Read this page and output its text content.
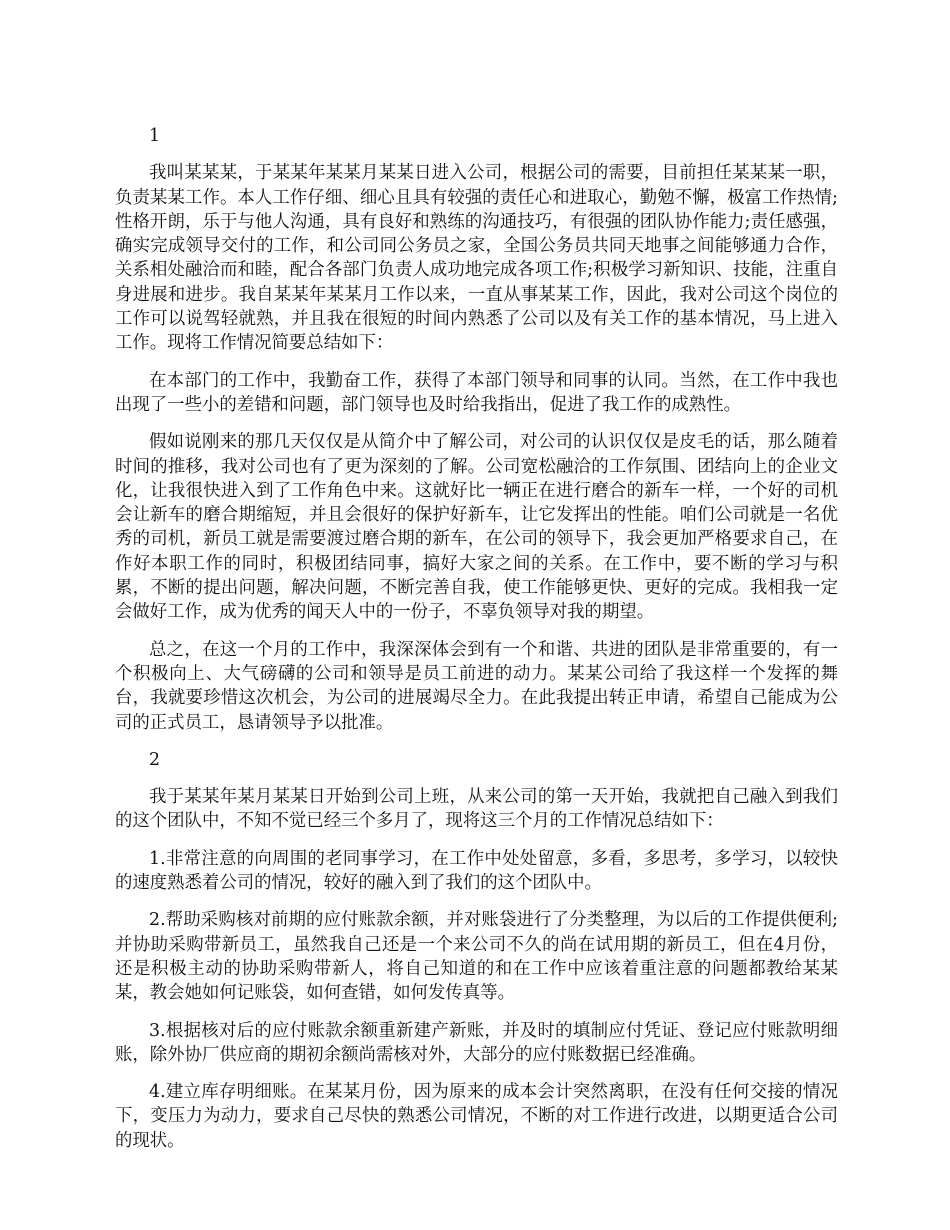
1

我叫某某某，于某某年某某月某某日进入公司，根据公司的需要，目前担任某某某一职，负责某某工作。本人工作仔细、细心且具有较强的责任心和进取心，勤勉不懈，极富工作热情;性格开朗，乐于与他人沟通，具有良好和熟练的沟通技巧，有很强的团队协作能力;责任感强，确实完成领导交付的工作，和公司同公务员之家，全国公务员共同天地事之间能够通力合作，关系相处融洽而和睦，配合各部门负责人成功地完成各项工作;积极学习新知识、技能，注重自身进展和进步。我自某某年某某月工作以来，一直从事某某工作，因此，我对公司这个岗位的工作可以说驾轻就熟，并且我在很短的时间内熟悉了公司以及有关工作的基本情况，马上进入工作。现将工作情况简要总结如下：

在本部门的工作中，我勤奋工作，获得了本部门领导和同事的认同。当然，在工作中我也出现了一些小的差错和问题，部门领导也及时给我指出，促进了我工作的成熟性。

假如说刚来的那几天仅仅是从简介中了解公司，对公司的认识仅仅是皮毛的话，那么随着时间的推移，我对公司也有了更为深刻的了解。公司宽松融洽的工作氛围、团结向上的企业文化，让我很快进入到了工作角色中来。这就好比一辆正在进行磨合的新车一样，一个好的司机会让新车的磨合期缩短，并且会很好的保护好新车，让它发挥出的性能。咱们公司就是一名优秀的司机，新员工就是需要渡过磨合期的新车，在公司的领导下，我会更加严格要求自己，在作好本职工作的同时，积极团结同事，搞好大家之间的关系。在工作中，要不断的学习与积累，不断的提出问题，解决问题，不断完善自我，使工作能够更快、更好的完成。我相我一定会做好工作，成为优秀的闻天人中的一份子，不辜负领导对我的期望。

总之，在这一个月的工作中，我深深体会到有一个和谐、共进的团队是非常重要的，有一个积极向上、大气磅礴的公司和领导是员工前进的动力。某某公司给了我这样一个发挥的舞台，我就要珍惜这次机会，为公司的进展竭尽全力。在此我提出转正申请，希望自己能成为公司的正式员工，恳请领导予以批准。

2

我于某某年某月某某日开始到公司上班，从来公司的第一天开始，我就把自己融入到我们的这个团队中，不知不觉已经三个多月了，现将这三个月的工作情况总结如下：

1.非常注意的向周围的老同事学习，在工作中处处留意，多看，多思考，多学习，以较快的速度熟悉着公司的情况，较好的融入到了我们的这个团队中。

2.帮助采购核对前期的应付账款余额，并对账袋进行了分类整理，为以后的工作提供便利;并协助采购带新员工，虽然我自己还是一个来公司不久的尚在试用期的新员工，但在4月份，还是积极主动的协助采购带新人，将自己知道的和在工作中应该着重注意的问题都教给某某某，教会她如何记账袋，如何查错，如何发传真等。

3.根据核对后的应付账款余额重新建产新账，并及时的填制应付凭证、登记应付账款明细账，除外协厂供应商的期初余额尚需核对外，大部分的应付账数据已经准确。

4.建立库存明细账。在某某月份，因为原来的成本会计突然离职，在没有任何交接的情况下，变压力为动力，要求自己尽快的熟悉公司情况，不断的对工作进行改进，以期更适合公司的现状。
